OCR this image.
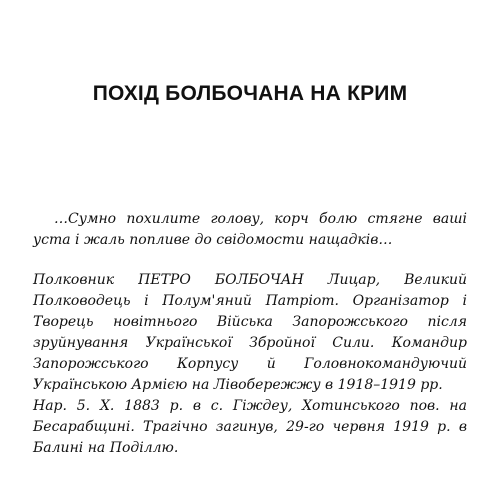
ПОХІД БОЛБОЧАНА НА КРИМ

…Сумно похилите голову, корч болю стягне ваші уста і жаль попливе до свідомости нащадків…

Полковник ПЕТРО БОЛБОЧАН Лицар, Великий Полководець і Полум'яний Патріот. Організатор і Творець новітнього Війська Запорожського після зруйнування Української Збройної Сили. Командир Запорожського Корпусу й Головнокомандуючий Українською Армією на Лівобережжу в 1918–1919 рр.

Нар. 5. X. 1883 р. в с. Гіждеу, Хотинського пов. на Бесарабщині. Трагічно загинув, 29-го червня 1919 р. в Балині на Поділлю.
